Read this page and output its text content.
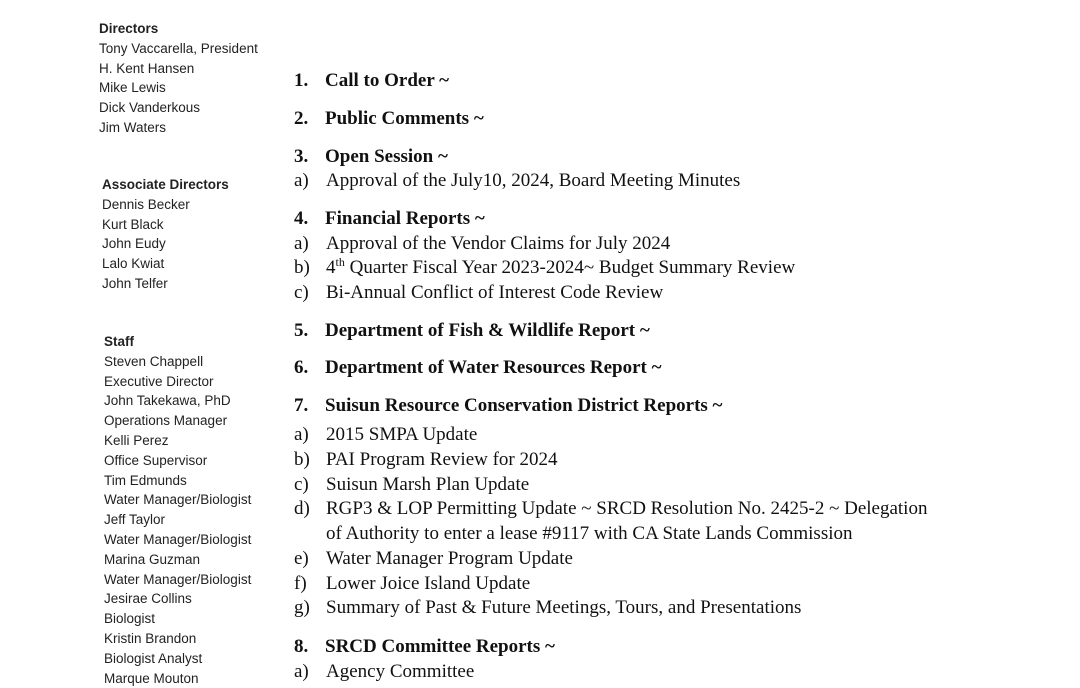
Directors
Tony Vaccarella, President
H. Kent Hansen
Mike Lewis
Dick Vanderkous
Jim Waters
Associate Directors
Dennis Becker
Kurt Black
John Eudy
Lalo Kwiat
John Telfer
Staff
Steven Chappell
Executive Director
John Takekawa, PhD
Operations Manager
Kelli Perez
Office Supervisor
Tim Edmunds
Water Manager/Biologist
Jeff Taylor
Water Manager/Biologist
Marina Guzman
Water Manager/Biologist
Jesirae Collins
Biologist
Kristin Brandon
Biologist Analyst
Marque Mouton
1. Call to Order ~
2. Public Comments ~
3. Open Session ~
a) Approval of the July10, 2024, Board Meeting Minutes
4. Financial Reports ~
a) Approval of the Vendor Claims for July 2024
b) 4th Quarter Fiscal Year 2023-2024~ Budget Summary Review
c) Bi-Annual Conflict of Interest Code Review
5. Department of Fish & Wildlife Report ~
6. Department of Water Resources Report ~
7. Suisun Resource Conservation District Reports ~
a) 2015 SMPA Update
b) PAI Program Review for 2024
c) Suisun Marsh Plan Update
d) RGP3 & LOP Permitting Update ~ SRCD Resolution No. 2425-2 ~ Delegation
of Authority to enter a lease #9117 with CA State Lands Commission
e) Water Manager Program Update
f) Lower Joice Island Update
g) Summary of Past & Future Meetings, Tours, and Presentations
8. SRCD Committee Reports ~
a) Agency Committee
